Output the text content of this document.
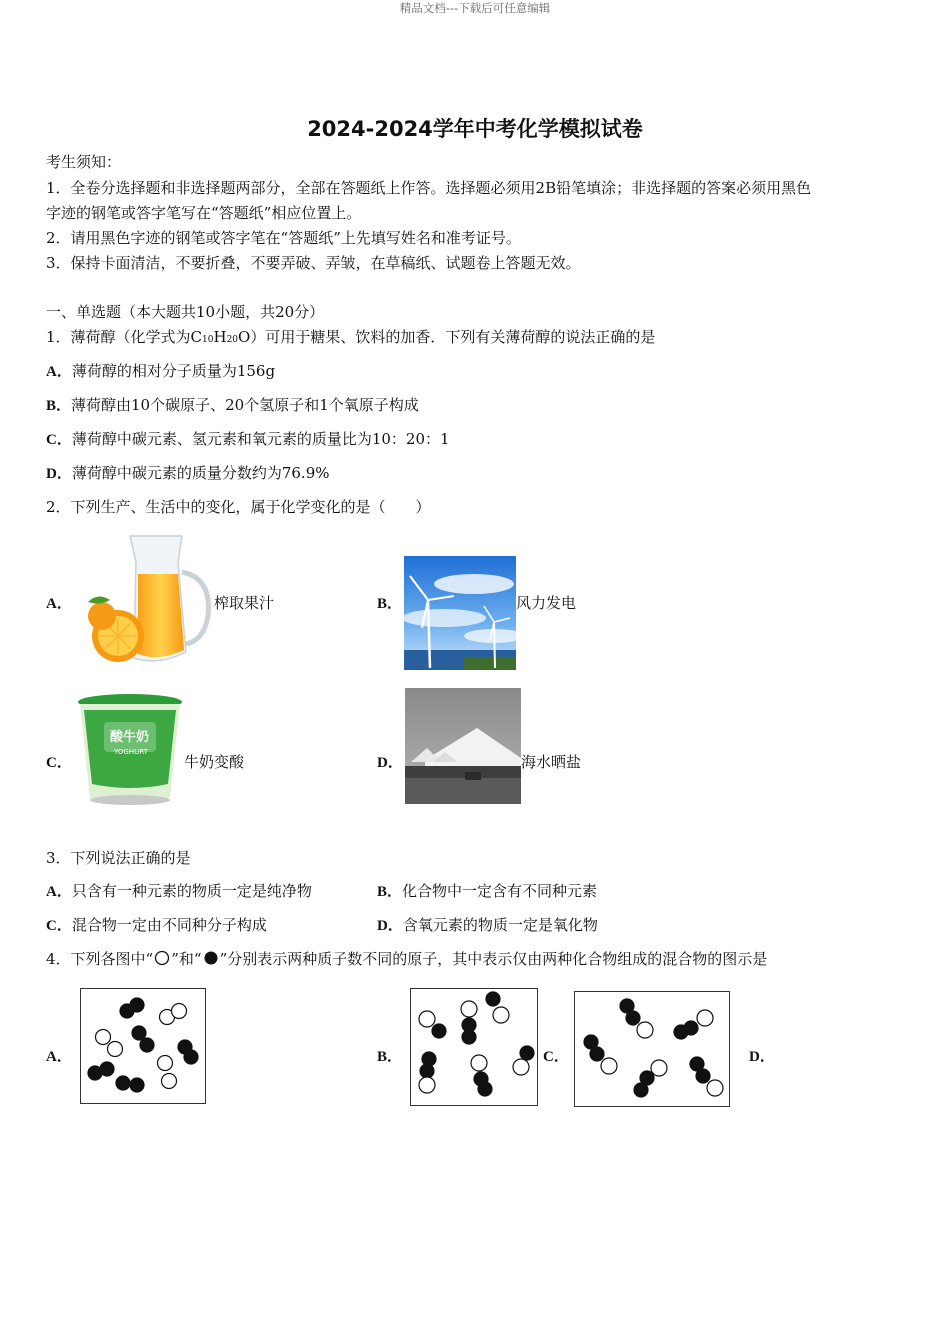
精品文档---下载后可任意编辑
2024-2024学年中考化学模拟试卷
考生须知：
1．全卷分选择题和非选择题两部分，全部在答题纸上作答。选择题必须用2B铅笔填涂；非选择题的答案必须用黑色
字迹的钢笔或答字笔写在“答题纸”相应位置上。
2．请用黑色字迹的钢笔或答字笔在“答题纸”上先填写姓名和准考证号。
3．保持卡面清洁，不要折叠，不要弄破、弄皱，在草稿纸、试题卷上答题无效。
一、单选题（本大题共10小题，共20分）
1．薄荷醇（化学式为C10H20O）可用于糖果、饮料的加香．下列有关薄荷醇的说法正确的是
A．薄荷醇的相对分子质量为156g
B．薄荷醇由10个碳原子、20个氢原子和1个氧原子构成
C．薄荷醇中碳元素、氢元素和氧元素的质量比为10：20：1
D．薄荷醇中碳元素的质量分数约为76.9%
2．下列生产、生活中的变化，属于化学变化的是（　　）
A．	榨取果汁	B．	风力发电
C．
酸牛奶
YOGHURT
牛奶变酸	D．	海水晒盐
3．下列说法正确的是
A．只含有一种元素的物质一定是纯净物	B．化合物中一定含有不同种元素
C．混合物一定由不同种分子构成	D．含氧元素的物质一定是氧化物
4．下列各图中“ ”和“ ”分别表示两种质子数不同的原子，其中表示仅由两种化合物组成的混合物的图示是
A．	B．	C．	D．
